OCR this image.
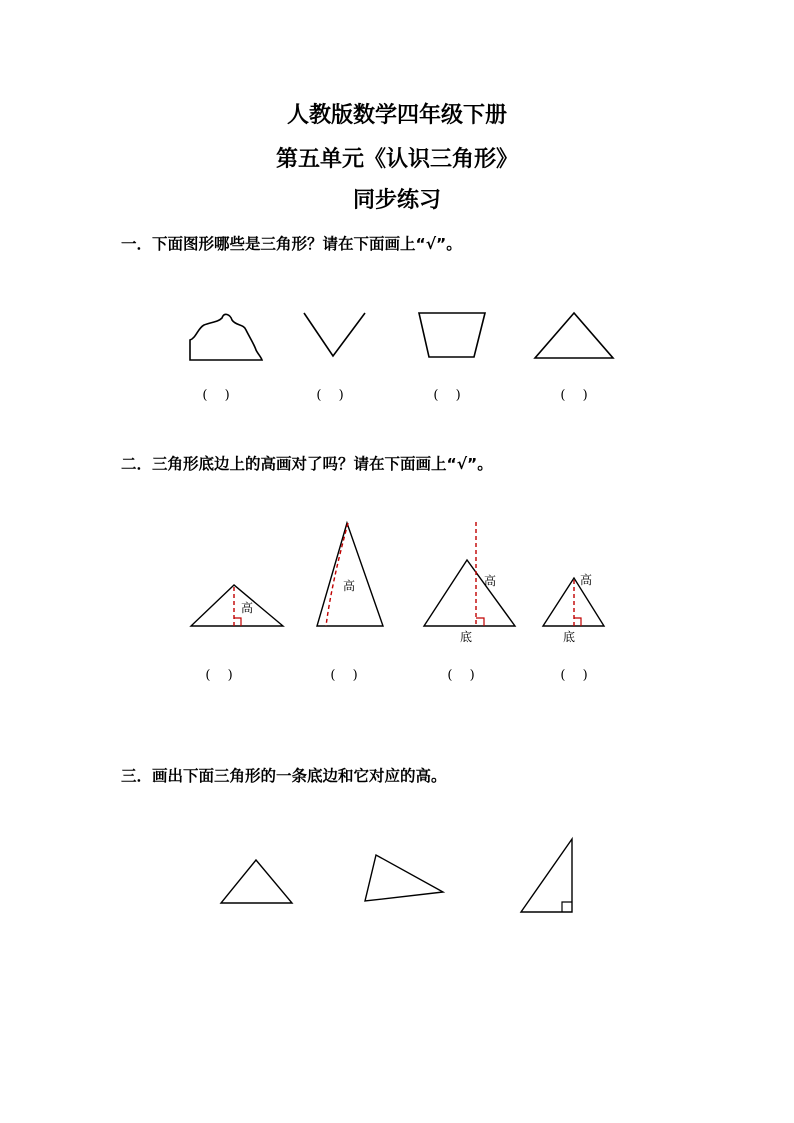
人教版数学四年级下册
第五单元《认识三角形》
同步练习
一．下面图形哪些是三角形？请在下面画上“√”。
(　 )	(　 )	(　 )	(　 )
二．三角形底边上的高画对了吗？请在下面画上“√”。
高
高	高
底
高
底
(　 )	(　 )	(　 )	(　 )
三．画出下面三角形的一条底边和它对应的高。
